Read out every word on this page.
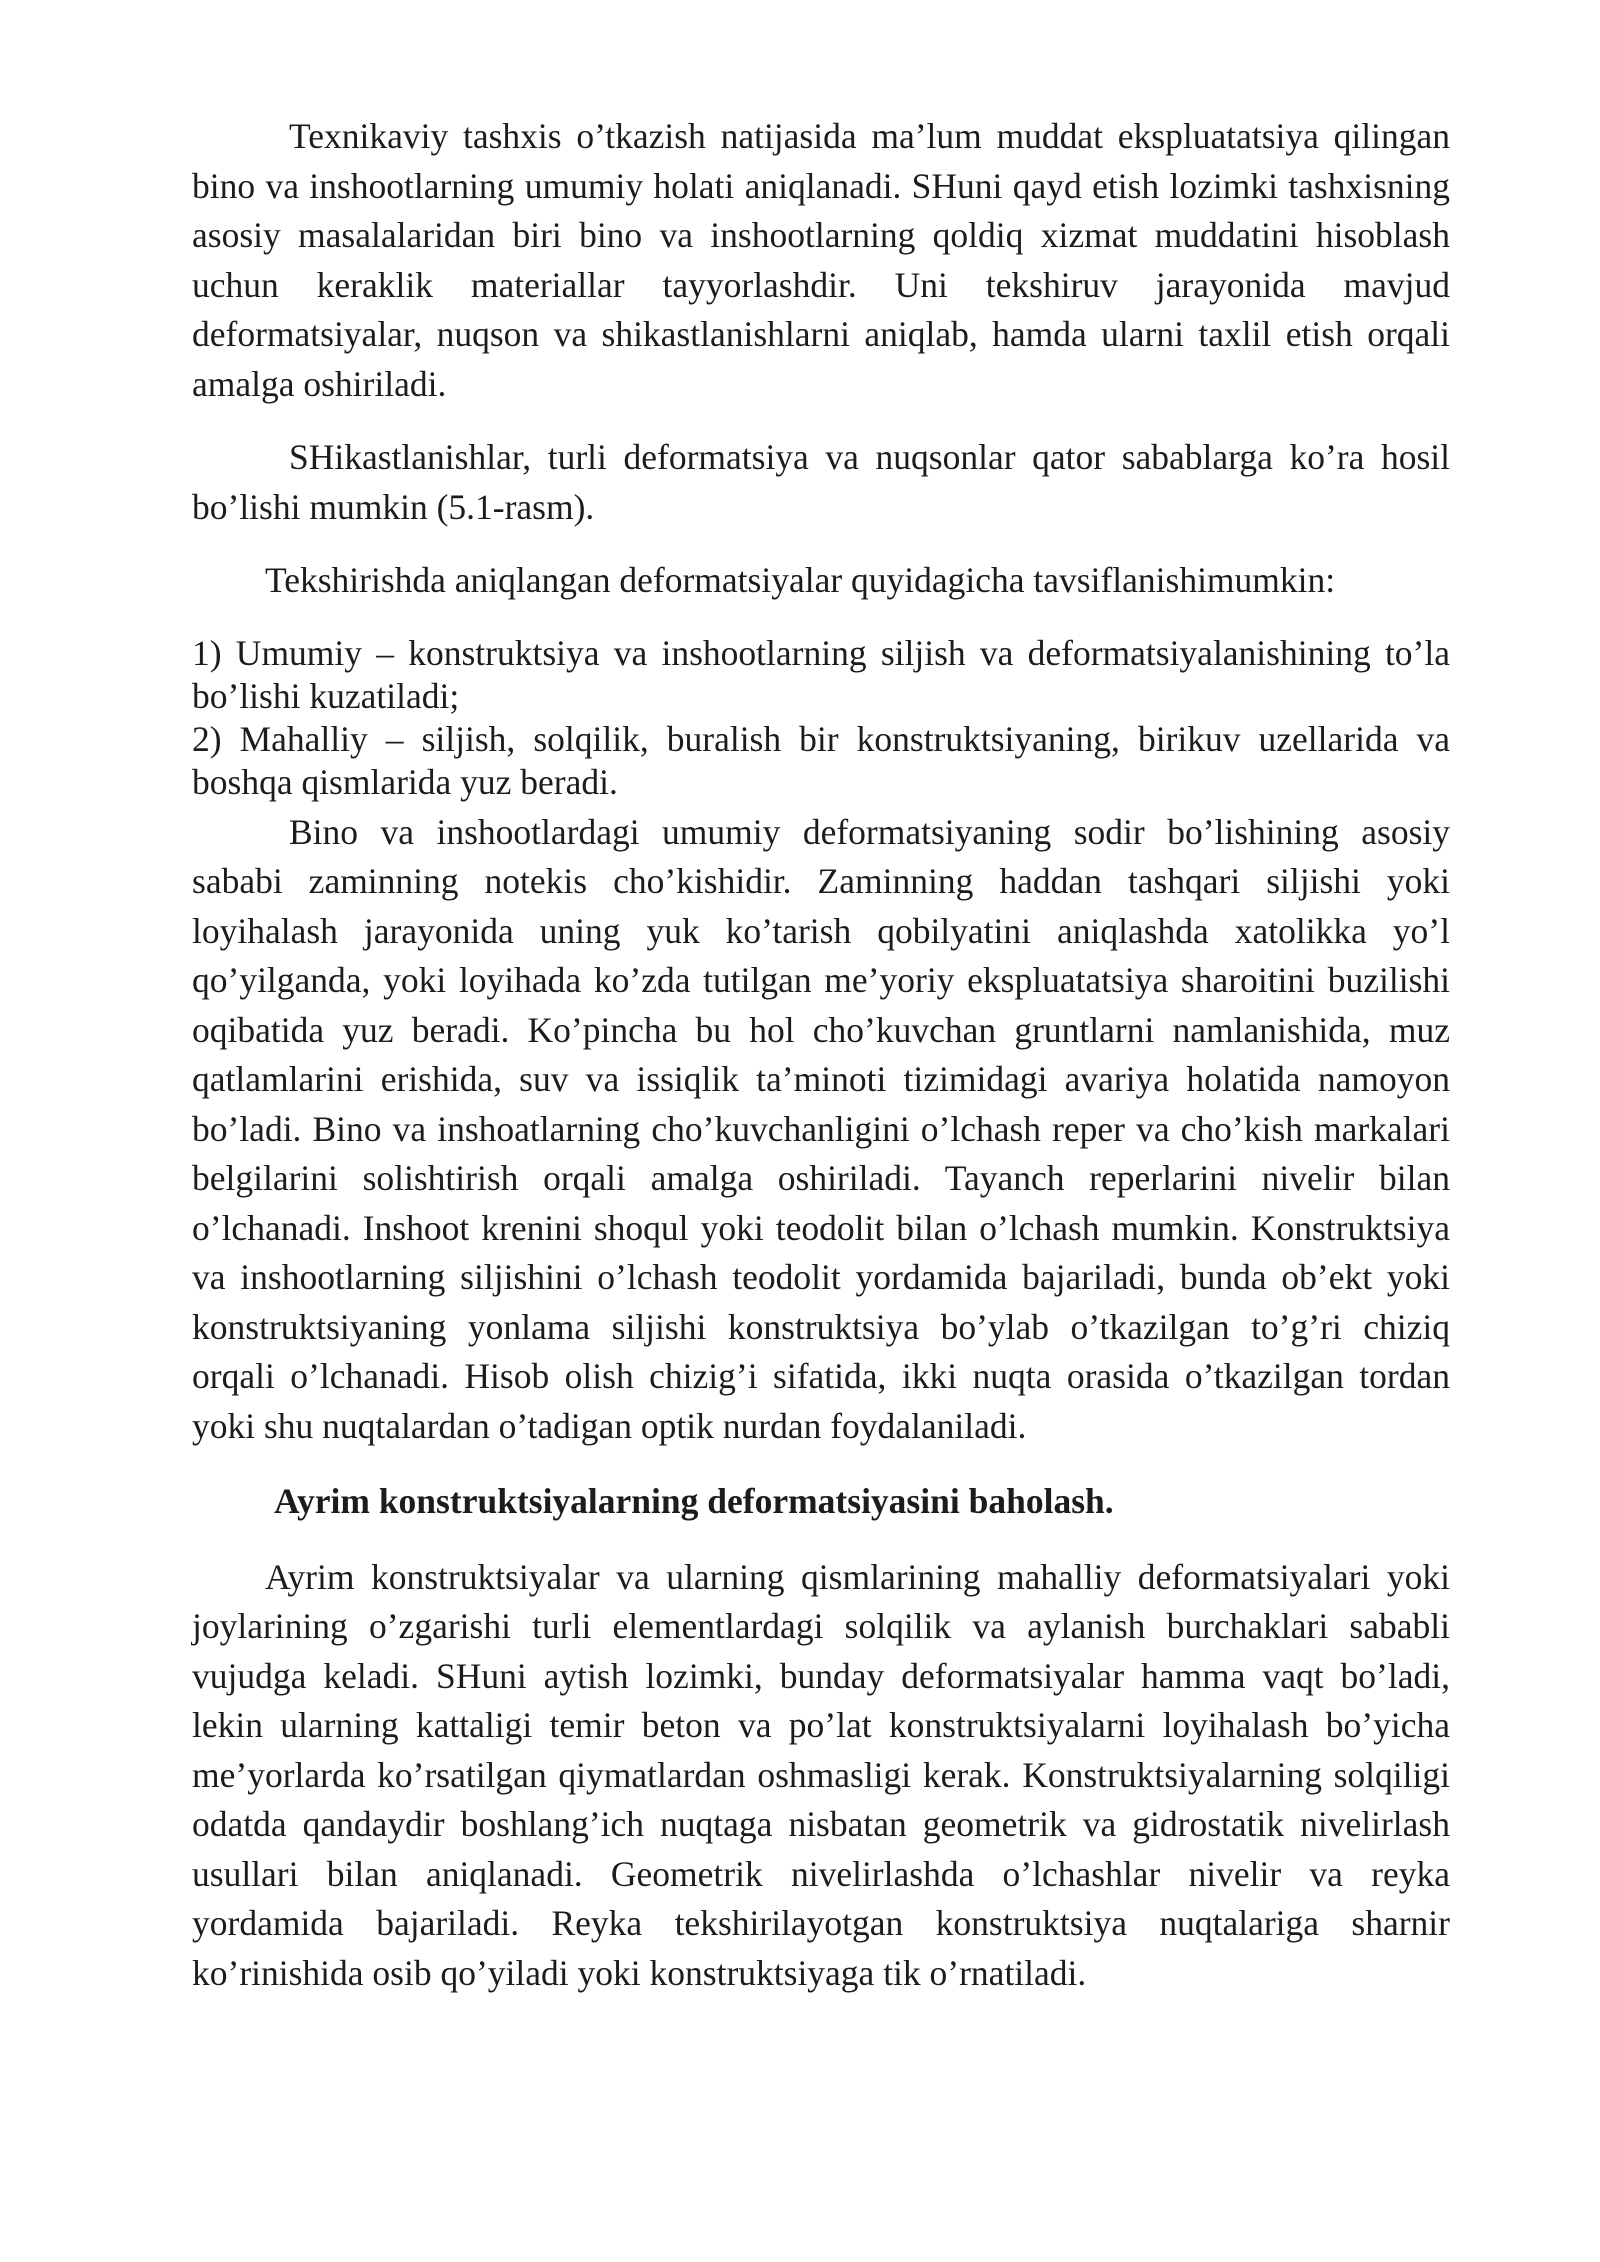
Texnikaviy tashxis o’tkazish natijasida ma’lum muddat ekspluatatsiya qilingan bino va inshootlarning umumiy holati aniqlanadi. SHuni qayd etish lozimki tashxisning asosiy masalalaridan biri bino va inshootlarning qoldiq xizmat muddatini hisoblash uchun keraklik materiallar tayyorlashdir. Uni tekshiruv jarayonida mavjud deformatsiyalar, nuqson va shikastlanishlarni aniqlab, hamda ularni taxlil etish orqali amalga oshiriladi.

SHikastlanishlar, turli deformatsiya va nuqsonlar qator sabablarga ko’ra hosil bo’lishi mumkin (5.1-rasm).

Tekshirishda aniqlangan deformatsiyalar quyidagicha tavsiflanishimumkin:

1) Umumiy – konstruktsiya va inshootlarning siljish va deformatsiyalanishining to’la bo’lishi kuzatiladi;

2) Mahalliy – siljish, solqilik, buralish bir konstruktsiyaning, birikuv uzellarida va boshqa qismlarida yuz beradi.

Bino va inshootlardagi umumiy deformatsiyaning sodir bo’lishining asosiy sababi zaminning notekis cho’kishidir. Zaminning haddan tashqari siljishi yoki loyihalash jarayonida uning yuk ko’tarish qobilyatini aniqlashda xatolikka yo’l qo’yilganda, yoki loyihada ko’zda tutilgan me’yoriy ekspluatatsiya sharoitini buzilishi oqibatida yuz beradi. Ko’pincha bu hol cho’kuvchan gruntlarni namlanishida, muz qatlamlarini erishida, suv va issiqlik ta’minoti tizimidagi avariya holatida namoyon bo’ladi. Bino va inshoatlarning cho’kuvchanligini o’lchash reper va cho’kish markalari belgilarini solishtirish orqali amalga oshiriladi. Tayanch reperlarini nivelir bilan o’lchanadi. Inshoot krenini shoqul yoki teodolit bilan o’lchash mumkin. Konstruktsiya va inshootlarning siljishini o’lchash teodolit yordamida bajariladi, bunda ob’ekt yoki konstruktsiyaning yonlama siljishi konstruktsiya bo’ylab o’tkazilgan to’g’ri chiziq orqali o’lchanadi. Hisob olish chizig’i sifatida, ikki nuqta orasida o’tkazilgan tordan yoki shu nuqtalardan o’tadigan optik nurdan foydalaniladi.

Ayrim konstruktsiyalarning deformatsiyasini baholash.

Ayrim konstruktsiyalar va ularning qismlarining mahalliy deformatsiyalari yoki joylarining o’zgarishi turli elementlardagi solqilik va aylanish burchaklari sababli vujudga keladi. SHuni aytish lozimki, bunday deformatsiyalar hamma vaqt bo’ladi, lekin ularning kattaligi temir beton va po’lat konstruktsiyalarni loyihalash bo’yicha me’yorlarda ko’rsatilgan qiymatlardan oshmasligi kerak. Konstruktsiyalarning solqiligi odatda qandaydir boshlang’ich nuqtaga nisbatan geometrik va gidrostatik nivelirlash usullari bilan aniqlanadi. Geometrik nivelirlashda o’lchashlar nivelir va reyka yordamida bajariladi. Reyka tekshirilayotgan konstruktsiya nuqtalariga sharnir ko’rinishida osib qo’yiladi yoki konstruktsiyaga tik o’rnatiladi.
